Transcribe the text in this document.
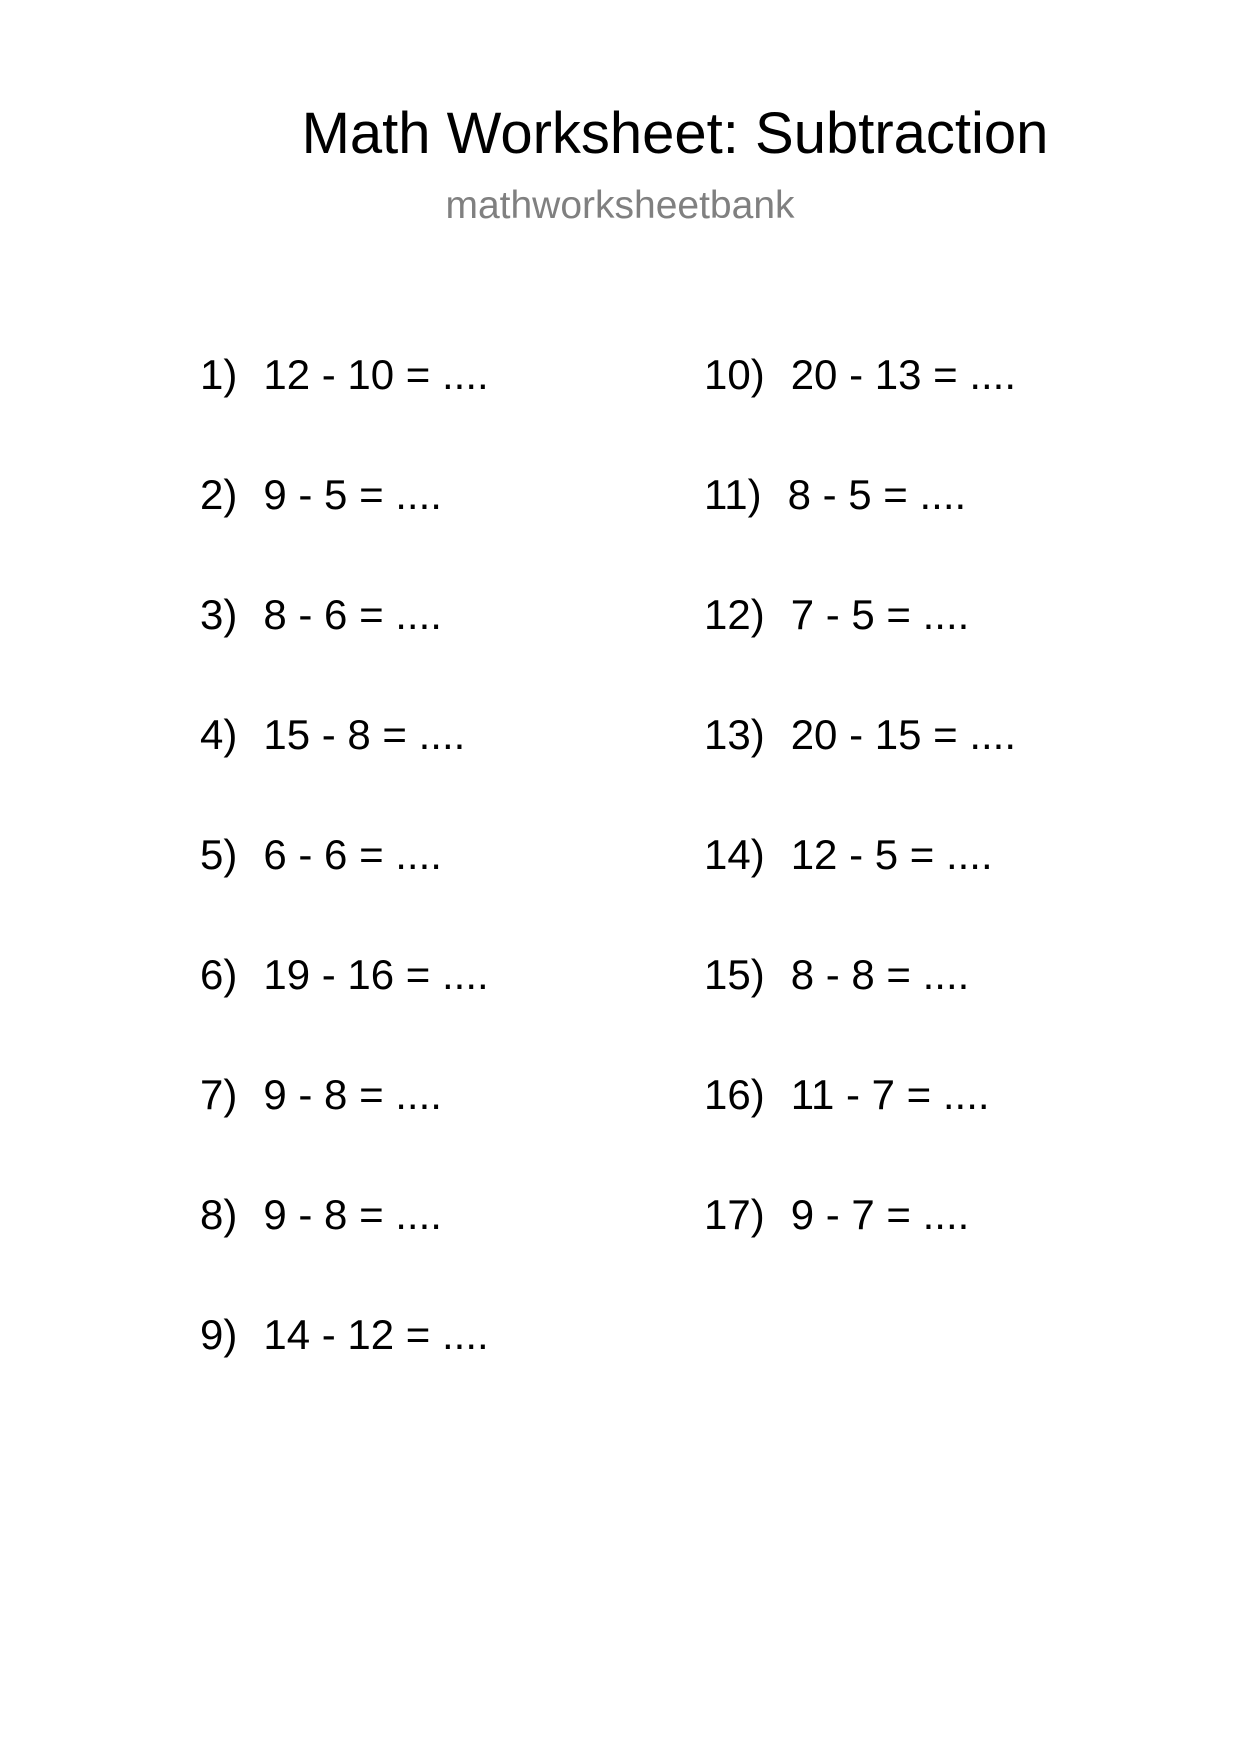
Math Worksheet: Subtraction
mathworksheetbank
1) 12 - 10 = ....
2) 9 - 5 = ....
3) 8 - 6 = ....
4) 15 - 8 = ....
5) 6 - 6 = ....
6) 19 - 16 = ....
7) 9 - 8 = ....
8) 9 - 8 = ....
9) 14 - 12 = ....
10) 20 - 13 = ....
11) 8 - 5 = ....
12) 7 - 5 = ....
13) 20 - 15 = ....
14) 12 - 5 = ....
15) 8 - 8 = ....
16) 11 - 7 = ....
17) 9 - 7 = ....
